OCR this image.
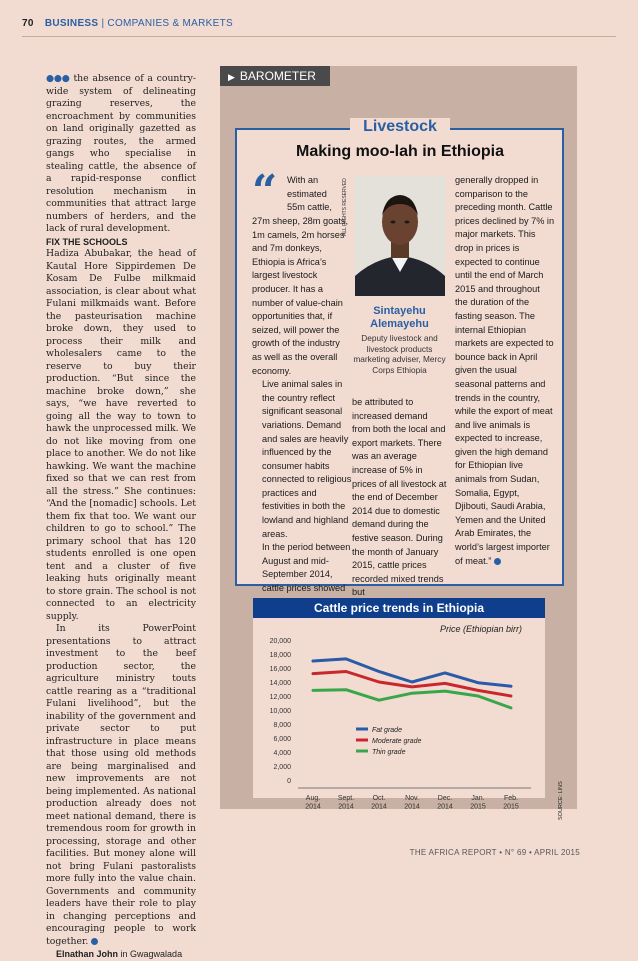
70 BUSINESS | COMPANIES & MARKETS

●●● the absence of a country-wide system of delineating grazing reserves, the encroachment by communities on land originally gazetted as grazing routes, the armed gangs who specialise in stealing cattle, the absence of a rapid-response conflict resolution mechanism in communities that attract large numbers of herders, and the lack of rural development.

FIX THE SCHOOLS

Hadiza Abubakar, the head of Kautal Hore Sippirdemen De Kosam De Fulbe milkmaid association, is clear about what Fulani milkmaids want. Before the pasteurisation machine broke down, they used to process their milk and wholesalers came to the reserve to buy their production. “But since the machine broke down,” she says, “we have reverted to going all the way to town to hawk the unprocessed milk. We do not like moving from one place to another. We do not like hawking. We want the machine fixed so that we can rest from all the stress.” She continues: “And the [nomadic] schools. Let them fix that too. We want our children to go to school.” The primary school that has 120 students enrolled is one open tent and a cluster of five leaking huts originally meant to store grain. The school is not connected to an electricity supply.

In its PowerPoint presentations to attract investment to the beef production sector, the agriculture ministry touts cattle rearing as a “traditional Fulani livelihood”, but the inability of the government and private sector to put infrastructure in place means that those using old methods are being marginalised and new improvements are not being implemented. As national production already does not meet national demand, there is tremendous room for growth in processing, storage and other facilities. But money alone will not bring Fulani pastoralists more fully into the value chain. Governments and community leaders have their role to play in changing perceptions and encouraging people to work together.

Elnathan John in Gwagwalada

▶ BAROMETER
Livestock
Making moo-lah in Ethiopia
“ With an estimated 55m cattle,

27m sheep, 28m goats, 1m camels, 2m horses and 7m donkeys, Ethiopia is Africa’s largest livestock producer. It has a number of value-chain opportunities that, if seized, will power the growth of the industry as well as the overall economy.

Live animal sales in the country reflect significant seasonal variations. Demand and sales are heavily influenced by the consumer habits connected to religious practices and festivities in both the lowland and highland areas.

In the period between August and mid-September 2014, cattle prices showed

ALL RIGHTS RESERVED
Sintayehu Alemayehu
Deputy livestock and livestock products marketing adviser, Mercy Corps Ethiopia
be attributed to increased demand from both the local and export markets. There was an average increase of 5% in prices of all livestock at the end of December 2014 due to domestic demand during the festive season. During the month of January 2015, cattle prices recorded mixed trends but
generally dropped in comparison to the preceding month. Cattle prices declined by 7% in major markets. This drop in prices is expected to continue until the end of March 2015 and throughout the duration of the fasting season. The internal Ethiopian markets are expected to bounce back in April given the usual seasonal patterns and trends in the country, while the export of meat and live animals is expected to increase, given the high demand for Ethiopian live animals from Sudan, Somalia, Egypt, Djibouti, Saudi Arabia, Yemen and the United Arab Emirates, the world’s largest importer of meat.”
Cattle price trends in Ethiopia
0
2,000
4,000
6,000
8,000
10,000
12,000
14,000
16,000
18,000
20,000
Aug. 2014
Sept. 2014
Oct. 2014
Nov. 2014
Dec. 2014
Jan. 2015
Feb. 2015
Fat grade
Moderate grade
Thin grade
Price (Ethiopian birr)
SOURCE: LINS
THE AFRICA REPORT • N° 69 • APRIL 2015
